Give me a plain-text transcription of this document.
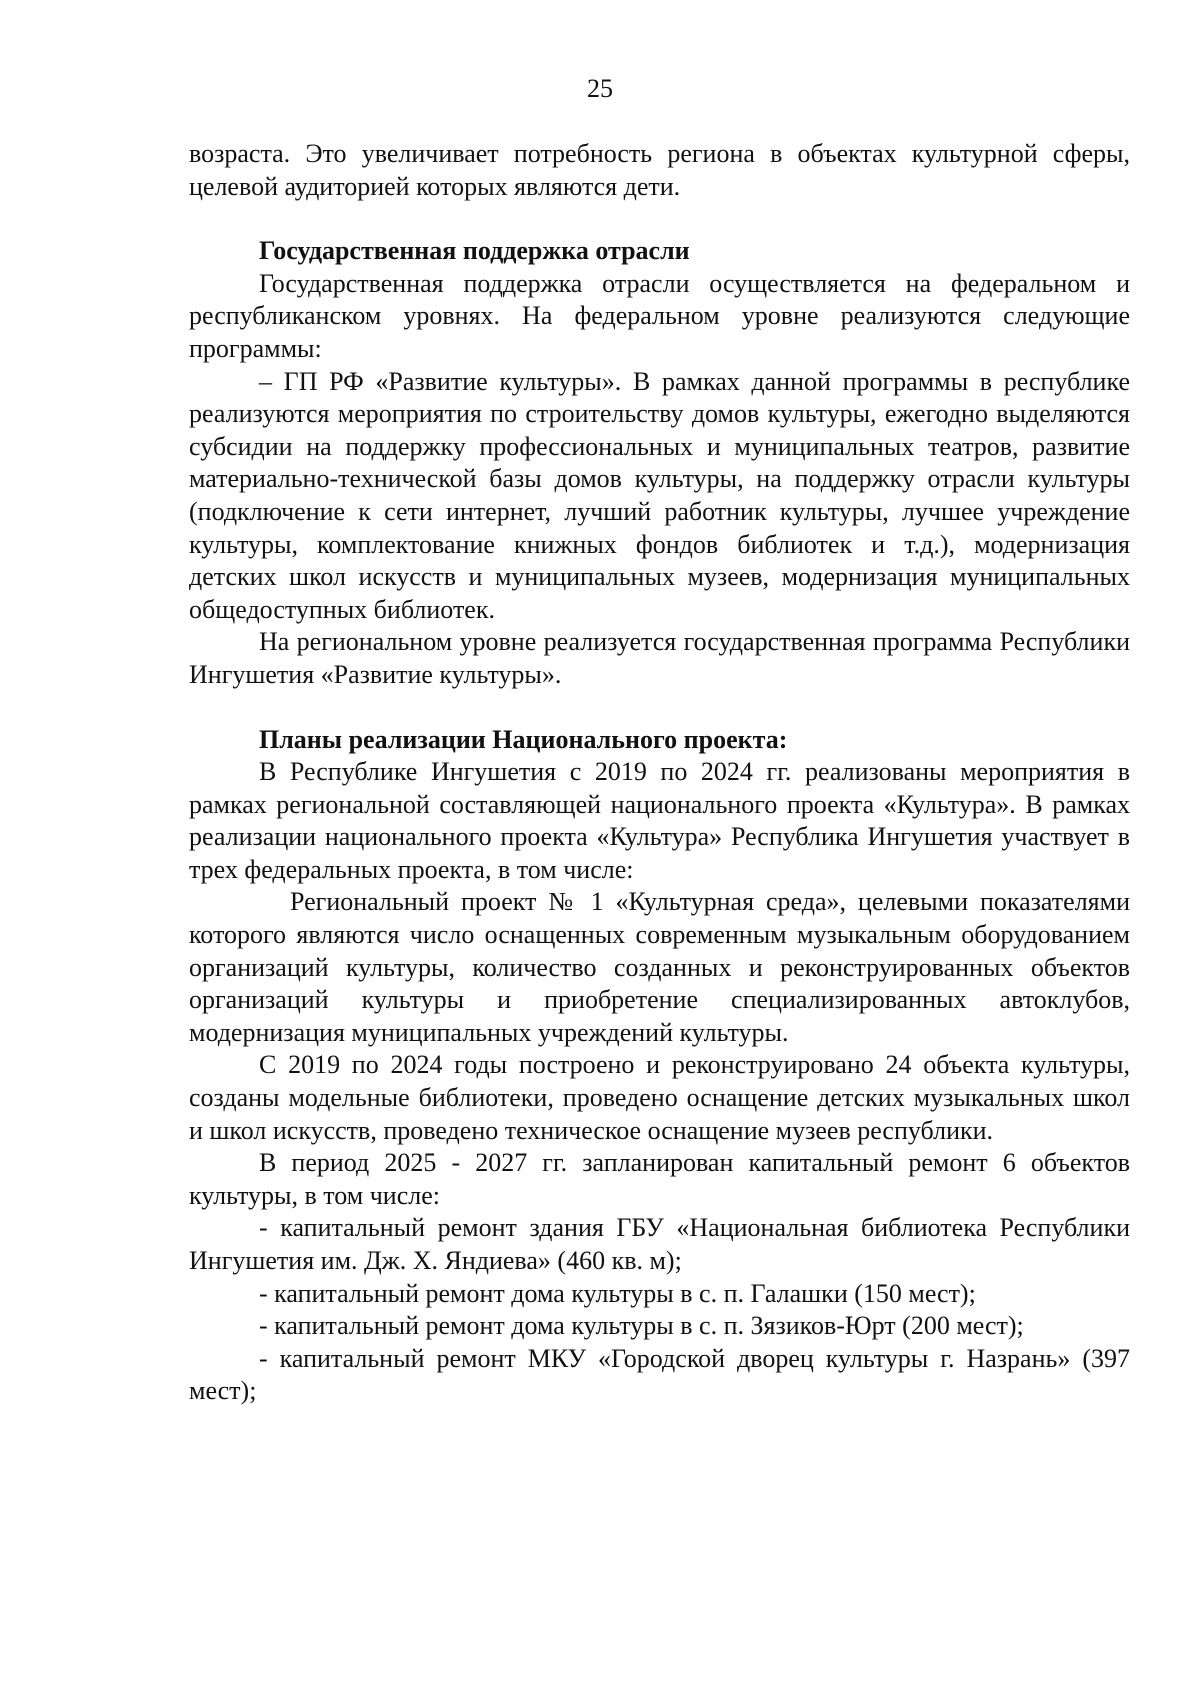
25

возраста. Это увеличивает потребность региона в объектах культурной сферы, целевой аудиторией которых являются дети.

Государственная поддержка отрасли

Государственная поддержка отрасли осуществляется на федеральном и республиканском уровнях. На федеральном уровне реализуются следующие программы:

– ГП РФ «Развитие культуры». В рамках данной программы в республике реализуются мероприятия по строительству домов культуры, ежегодно выделяются субсидии на поддержку профессиональных и муниципальных театров, развитие материально-технической базы домов культуры, на поддержку отрасли культуры (подключение к сети интернет, лучший работник культуры, лучшее учреждение культуры, комплектование книжных фондов библиотек и т.д.), модернизация детских школ искусств и муниципальных музеев, модернизация муниципальных общедоступных библиотек.

На региональном уровне реализуется государственная программа Республики Ингушетия «Развитие культуры».

Планы реализации Национального проекта:

В Республике Ингушетия с 2019 по 2024 гг. реализованы мероприятия в рамках региональной составляющей национального проекта «Культура». В рамках реализации национального проекта «Культура» Республика Ингушетия участвует в трех федеральных проекта, в том числе:

Региональный проект № 1 «Культурная среда», целевыми показателями которого являются число оснащенных современным музыкальным оборудованием организаций культуры, количество созданных и реконструированных объектов организаций культуры и приобретение специализированных автоклубов, модернизация муниципальных учреждений культуры.

С 2019 по 2024 годы построено и реконструировано 24 объекта культуры, созданы модельные библиотеки, проведено оснащение детских музыкальных школ и школ искусств, проведено техническое оснащение музеев республики.

В период 2025 - 2027 гг. запланирован капитальный ремонт 6 объектов культуры, в том числе:

- капитальный ремонт здания ГБУ «Национальная библиотека Республики Ингушетия им. Дж. Х. Яндиева» (460 кв. м);

- капитальный ремонт дома культуры в с. п. Галашки (150 мест);

- капитальный ремонт дома культуры в с. п. Зязиков-Юрт (200 мест);

- капитальный ремонт МКУ «Городской дворец культуры г. Назрань» (397 мест);
